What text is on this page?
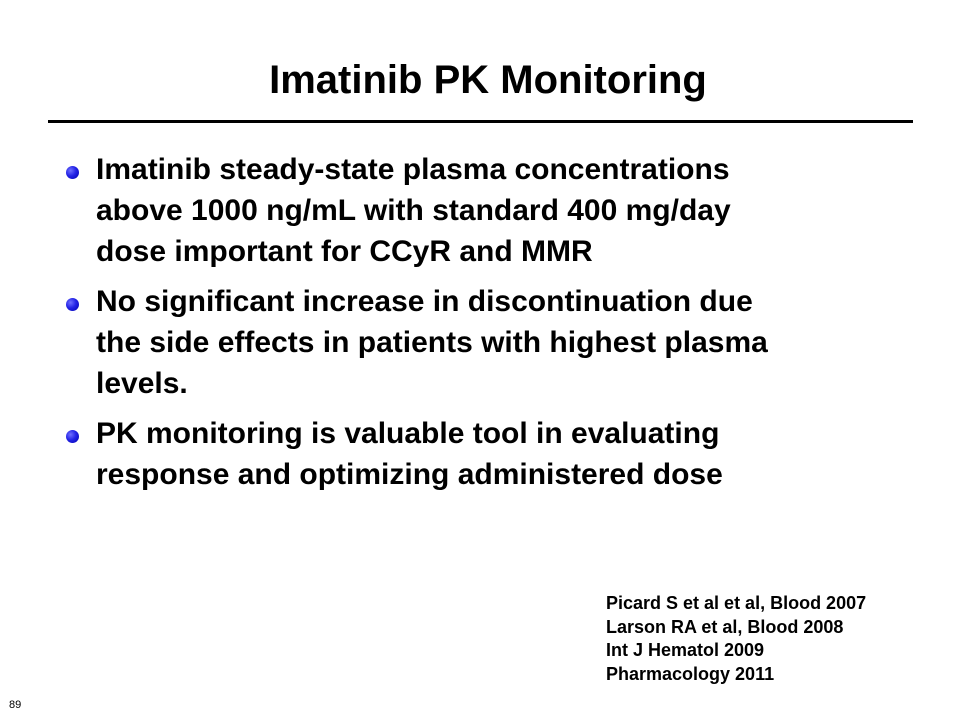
Imatinib PK Monitoring
Imatinib steady-state plasma concentrations
above 1000 ng/mL with standard 400 mg/day
dose important for CCyR and MMR
No significant increase in discontinuation due
the side effects in patients with highest plasma
levels.
PK monitoring is valuable tool in evaluating
response and optimizing administered dose
Picard S et al et al, Blood 2007
Larson RA et al, Blood 2008
Int J Hematol 2009
Pharmacology 2011
89
